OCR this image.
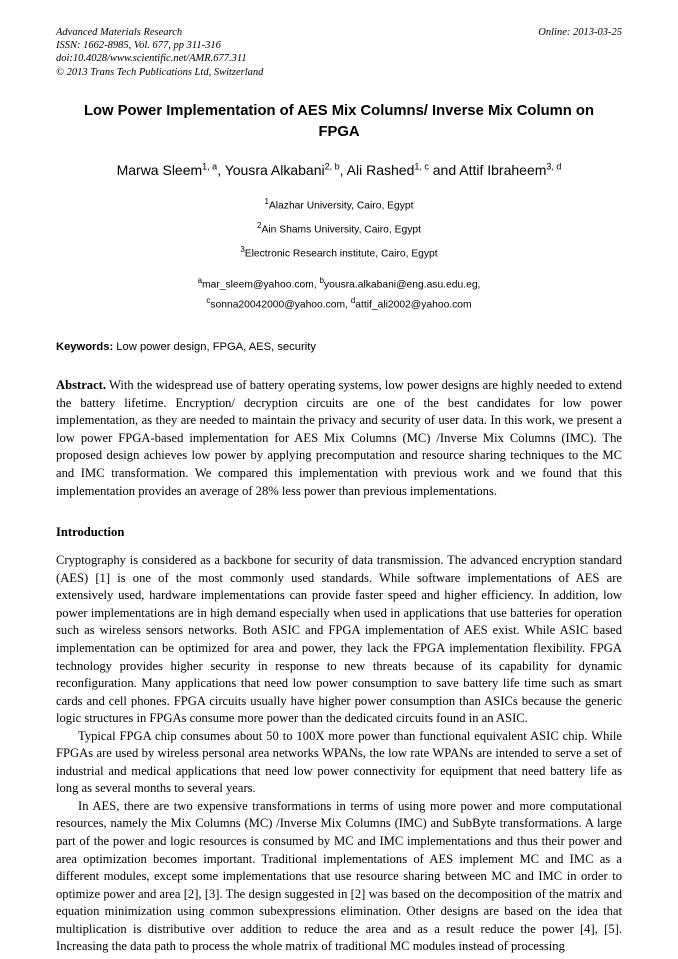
Advanced Materials Research
ISSN: 1662-8985, Vol. 677, pp 311-316
doi:10.4028/www.scientific.net/AMR.677.311
© 2013 Trans Tech Publications Ltd, Switzerland
Online: 2013-03-25
Low Power Implementation of AES Mix Columns/ Inverse Mix Column on FPGA
Marwa Sleem$^{1, a}$, Yousra Alkabani$^{2, b}$, Ali Rashed$^{1, c}$ and Attif Ibraheem$^{3, d}$
$^1$Alazhar University, Cairo, Egypt
$^2$Ain Shams University, Cairo, Egypt
$^3$Electronic Research institute, Cairo, Egypt
$^a$mar_sleem@yahoo.com, $^b$yousra.alkabani@eng.asu.edu.eg,
$^c$sonna20042000@yahoo.com, $^d$attif_ali2002@yahoo.com
Keywords: Low power design, FPGA, AES, security
Abstract. With the widespread use of battery operating systems, low power designs are highly needed to extend the battery lifetime. Encryption/ decryption circuits are one of the best candidates for low power implementation, as they are needed to maintain the privacy and security of user data. In this work, we present a low power FPGA-based implementation for AES Mix Columns (MC) /Inverse Mix Columns (IMC). The proposed design achieves low power by applying precomputation and resource sharing techniques to the MC and IMC transformation. We compared this implementation with previous work and we found that this implementation provides an average of 28% less power than previous implementations.
Introduction

Cryptography is considered as a backbone for security of data transmission. The advanced encryption standard (AES) [1] is one of the most commonly used standards. While software implementations of AES are extensively used, hardware implementations can provide faster speed and higher efficiency. In addition, low power implementations are in high demand especially when used in applications that use batteries for operation such as wireless sensors networks. Both ASIC and FPGA implementation of AES exist. While ASIC based implementation can be optimized for area and power, they lack the FPGA implementation flexibility. FPGA technology provides higher security in response to new threats because of its capability for dynamic reconfiguration. Many applications that need low power consumption to save battery life time such as smart cards and cell phones. FPGA circuits usually have higher power consumption than ASICs because the generic logic structures in FPGAs consume more power than the dedicated circuits found in an ASIC.

Typical FPGA chip consumes about 50 to 100X more power than functional equivalent ASIC chip. While FPGAs are used by wireless personal area networks WPANs, the low rate WPANs are intended to serve a set of industrial and medical applications that need low power connectivity for equipment that need battery life as long as several months to several years.

In AES, there are two expensive transformations in terms of using more power and more computational resources, namely the Mix Columns (MC) /Inverse Mix Columns (IMC) and SubByte transformations. A large part of the power and logic resources is consumed by MC and IMC implementations and thus their power and area optimization becomes important. Traditional implementations of AES implement MC and IMC as a different modules, except some implementations that use resource sharing between MC and IMC in order to optimize power and area [2], [3]. The design suggested in [2] was based on the decomposition of the matrix and equation minimization using common subexpressions elimination. Other designs are based on the idea that multiplication is distributive over addition to reduce the area and as a result reduce the power [4], [5]. Increasing the data path to process the whole matrix of traditional MC modules instead of processing
